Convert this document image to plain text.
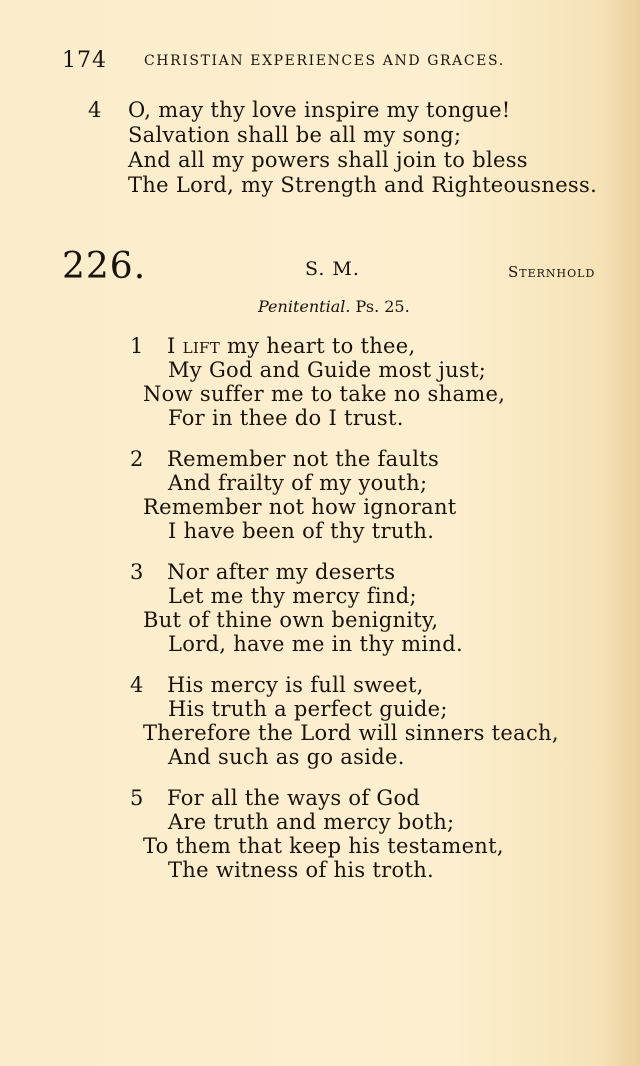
174	CHRISTIAN EXPERIENCES AND GRACES.
4 O, may thy love inspire my tongue!
Salvation shall be all my song;
And all my powers shall join to bless
The Lord, my Strength and Righteousness.
226.	S. M.	Sternhold
Penitential. Ps. 25.
1 I lift my heart to thee,
My God and Guide most just;
Now suffer me to take no shame,
For in thee do I trust.
2 Remember not the faults
And frailty of my youth;
Remember not how ignorant
I have been of thy truth.
3 Nor after my deserts
Let me thy mercy find;
But of thine own benignity,
Lord, have me in thy mind.
4 His mercy is full sweet,
His truth a perfect guide;
Therefore the Lord will sinners teach,
And such as go aside.
5 For all the ways of God
Are truth and mercy both;
To them that keep his testament,
The witness of his troth.
